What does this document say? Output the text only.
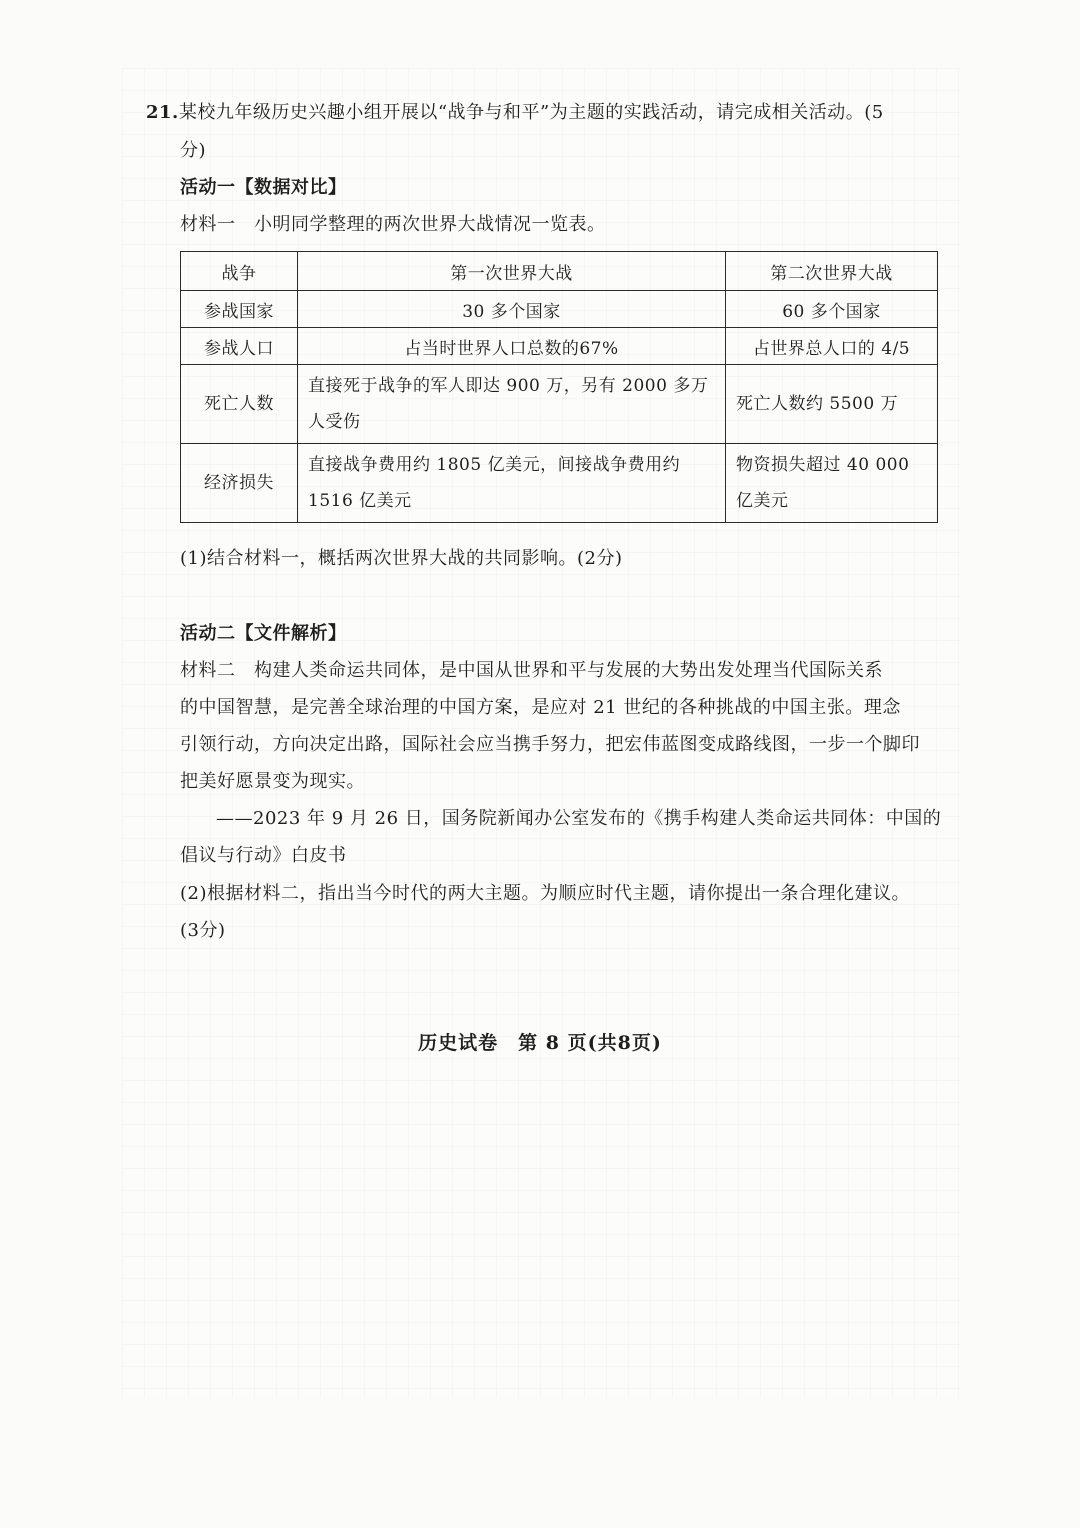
21.某校九年级历史兴趣小组开展以“战争与和平”为主题的实践活动，请完成相关活动。(5
分)
活动一【数据对比】
材料一　小明同学整理的两次世界大战情况一览表。
战争	第一次世界大战	第二次世界大战
参战国家	30 多个国家	60 多个国家
参战人口	占当时世界人口总数的67%	占世界总人口的 4/5
死亡人数	直接死于战争的军人即达 900 万，另有 2000 多万人受伤	死亡人数约 5500 万
经济损失	直接战争费用约 1805 亿美元，间接战争费用约 1516 亿美元	物资损失超过 40 000 亿美元
(1)结合材料一，概括两次世界大战的共同影响。(2分)
活动二【文件解析】
材料二　构建人类命运共同体，是中国从世界和平与发展的大势出发处理当代国际关系
的中国智慧，是完善全球治理的中国方案，是应对 21 世纪的各种挑战的中国主张。理念
引领行动，方向决定出路，国际社会应当携手努力，把宏伟蓝图变成路线图，一步一个脚印
把美好愿景变为现实。
——2023 年 9 月 26 日，国务院新闻办公室发布的《携手构建人类命运共同体：中国的
倡议与行动》白皮书
(2)根据材料二，指出当今时代的两大主题。为顺应时代主题，请你提出一条合理化建议。
(3分)
历史试卷　第 8 页(共8页)
